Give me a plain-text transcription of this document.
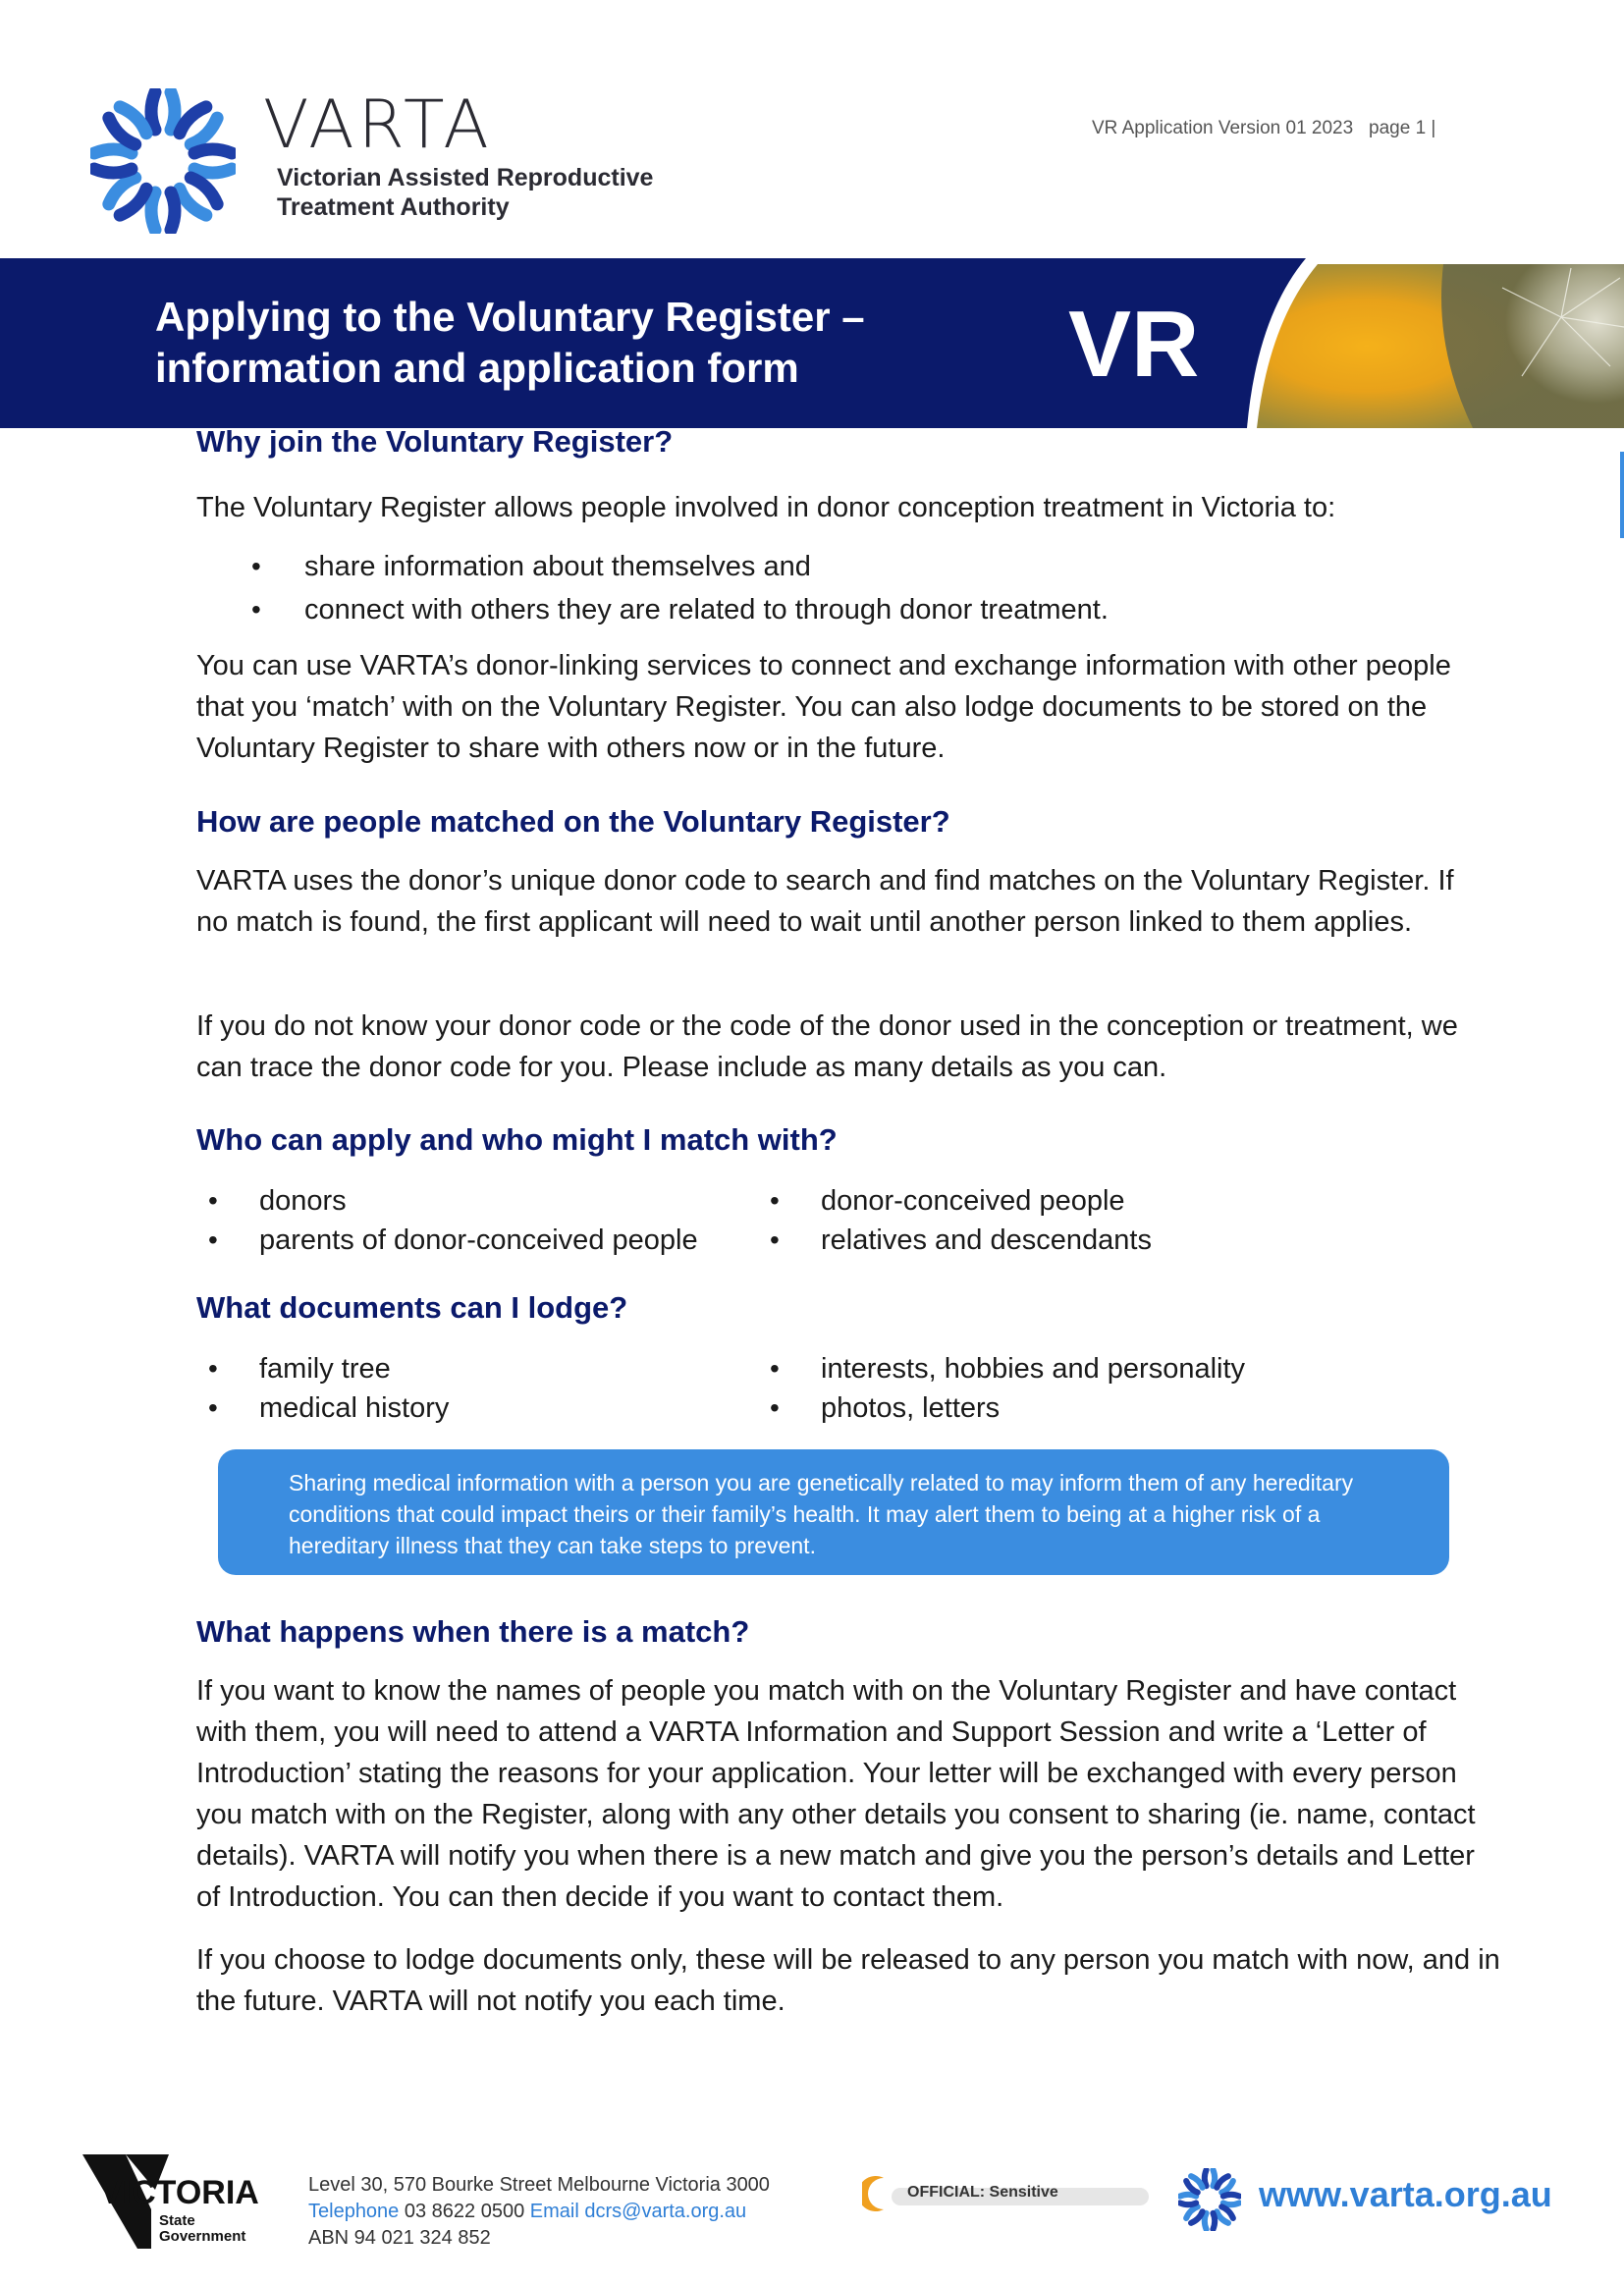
VARTA
Victorian Assisted Reproductive
Treatment Authority
VR Application Version 01 2023 page 1 |
Applying to the Voluntary Register –
information and application form	VR
Why join the Voluntary Register?

The Voluntary Register allows people involved in donor conception treatment in Victoria to:

• share information about themselves and
• connect with others they are related to through donor treatment.

You can use VARTA’s donor-linking services to connect and exchange information with other people that you ‘match’ with on the Voluntary Register. You can also lodge documents to be stored on the Voluntary Register to share with others now or in the future.

How are people matched on the Voluntary Register?

VARTA uses the donor’s unique donor code to search and find matches on the Voluntary Register. If no match is found, the first applicant will need to wait until another person linked to them applies.

If you do not know your donor code or the code of the donor used in the conception or treatment, we can trace the donor code for you. Please include as many details as you can.

Who can apply and who might I match with?
• donors
• parents of donor-conceived people
• donor-conceived people
• relatives and descendants
What documents can I lodge?
• family tree
• medical history
• interests, hobbies and personality
• photos, letters
Sharing medical information with a person you are genetically related to may inform them of any hereditary conditions that could impact theirs or their family’s health. It may alert them to being at a higher risk of a hereditary illness that they can take steps to prevent.
What happens when there is a match?

If you want to know the names of people you match with on the Voluntary Register and have contact with them, you will need to attend a VARTA Information and Support Session and write a ‘Letter of Introduction’ stating the reasons for your application. Your letter will be exchanged with every person you match with on the Register, along with any other details you consent to sharing (ie. name, contact details). VARTA will notify you when there is a new match and give you the person’s details and Letter of Introduction. You can then decide if you want to contact them.

If you choose to lodge documents only, these will be released to any person you match with now, and in the future. VARTA will not notify you each time.

VICTORIA
State
Government
Level 30, 570 Bourke Street Melbourne Victoria 3000
Telephone 03 8622 0500 Email dcrs@varta.org.au
ABN 94 021 324 852
OFFICIAL: Sensitive	www.varta.org.au
